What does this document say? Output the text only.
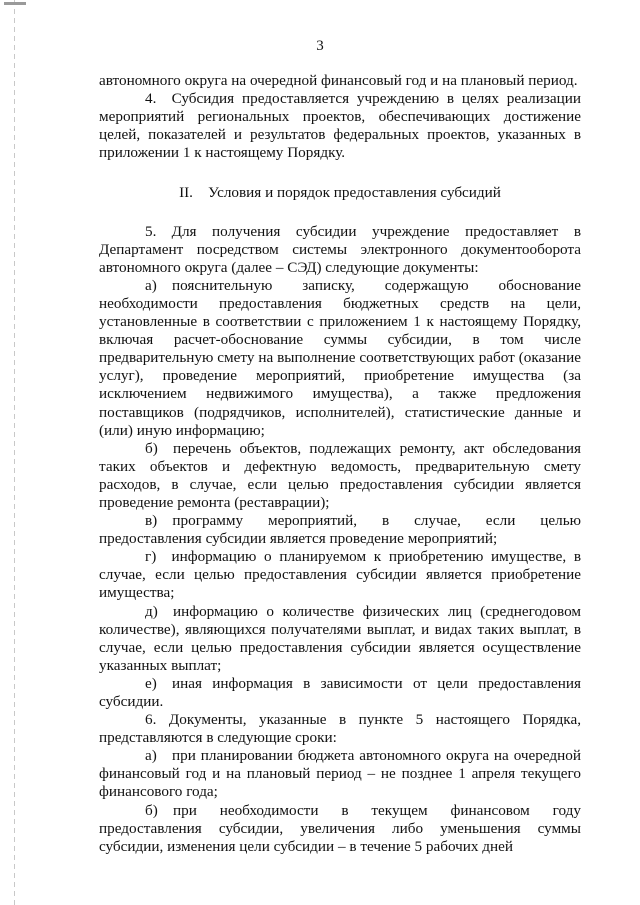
3

автономного округа на очередной финансовый год и на плановый период.

4. Субсидия предоставляется учреждению в целях реализации мероприятий региональных проектов, обеспечивающих достижение целей, показателей и результатов федеральных проектов, указанных в приложении 1 к настоящему Порядку.

II. Условия и порядок предоставления субсидий

5. Для получения субсидии учреждение предоставляет в Департамент посредством системы электронного документооборота автономного округа (далее – СЭД) следующие документы:

а) пояснительную записку, содержащую обоснование необходимости предоставления бюджетных средств на цели, установленные в соответствии с приложением 1 к настоящему Порядку, включая расчет-обоснование суммы субсидии, в том числе предварительную смету на выполнение соответствующих работ (оказание услуг), проведение мероприятий, приобретение имущества (за исключением недвижимого имущества), а также предложения поставщиков (подрядчиков, исполнителей), статистические данные и (или) иную информацию;

б) перечень объектов, подлежащих ремонту, акт обследования таких объектов и дефектную ведомость, предварительную смету расходов, в случае, если целью предоставления субсидии является проведение ремонта (реставрации);

в) программу мероприятий, в случае, если целью предоставления субсидии является проведение мероприятий;

г) информацию о планируемом к приобретению имуществе, в случае, если целью предоставления субсидии является приобретение имущества;

д) информацию о количестве физических лиц (среднегодовом количестве), являющихся получателями выплат, и видах таких выплат, в случае, если целью предоставления субсидии является осуществление указанных выплат;

е) иная информация в зависимости от цели предоставления субсидии.

6. Документы, указанные в пункте 5 настоящего Порядка, представляются в следующие сроки:

а) при планировании бюджета автономного округа на очередной финансовый год и на плановый период – не позднее 1 апреля текущего финансового года;

б) при необходимости в текущем финансовом году предоставления субсидии, увеличения либо уменьшения суммы субсидии, изменения цели субсидии – в течение 5 рабочих дней
